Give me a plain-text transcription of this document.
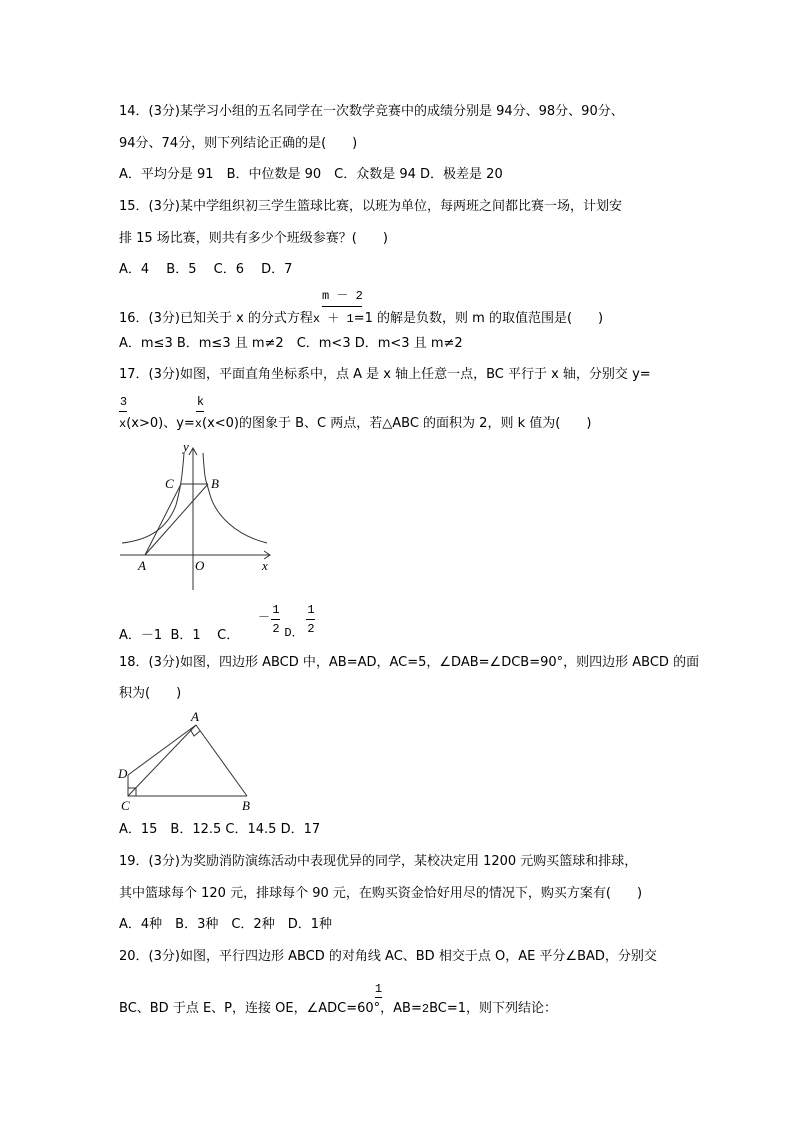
14．(3分)某学习小组的五名同学在一次数学竞赛中的成绩分别是 94分、98分、90分、
94分、74分，则下列结论正确的是(　　)
A．平均分是 91　B．中位数是 90　C．众数是 94 D．极差是 20
15．(3分)某中学组织初三学生篮球比赛，以班为单位，每两班之间都比赛一场，计划安
排 15 场比赛，则共有多少个班级参赛？(　　)
A．4　 B．5　 C．6　 D．7
m － 2
16．(3分)已知关于 x 的分式方程x ＋ 1=1 的解是负数，则 m 的取值范围是(　　)
A．m≤3 B．m≤3 且 m≠2　C．m<3 D．m<3 且 m≠2
17．(3分)如图，平面直角坐标系中，点 A 是 x 轴上任意一点，BC 平行于 x 轴，分别交 y=
3	k
x(x>0)、y=x(x<0)的图象于 B、C 两点，若△ABC 的面积为 2，则 k 值为(　　)
y
C	B
A	O	x
A．－1 B．1 C．
－
1
2 D．
1
2
18．(3分)如图，四边形 ABCD 中，AB=AD，AC=5，∠DAB=∠DCB=90°，则四边形 ABCD 的面
积为(　　)
A
D
C	B
A．15　B．12.5 C．14.5 D．17
19．(3分)为奖励消防演练活动中表现优异的同学，某校决定用 1200 元购买篮球和排球，
其中篮球每个 120 元，排球每个 90 元，在购买资金恰好用尽的情况下，购买方案有(　　)
A．4种　B．3种　C．2种　D．1种
20．(3分)如图，平行四边形 ABCD 的对角线 AC、BD 相交于点 O，AE 平分∠BAD，分别交
1
BC、BD 于点 E、P，连接 OE，∠ADC=60°，AB=2BC=1，则下列结论：
